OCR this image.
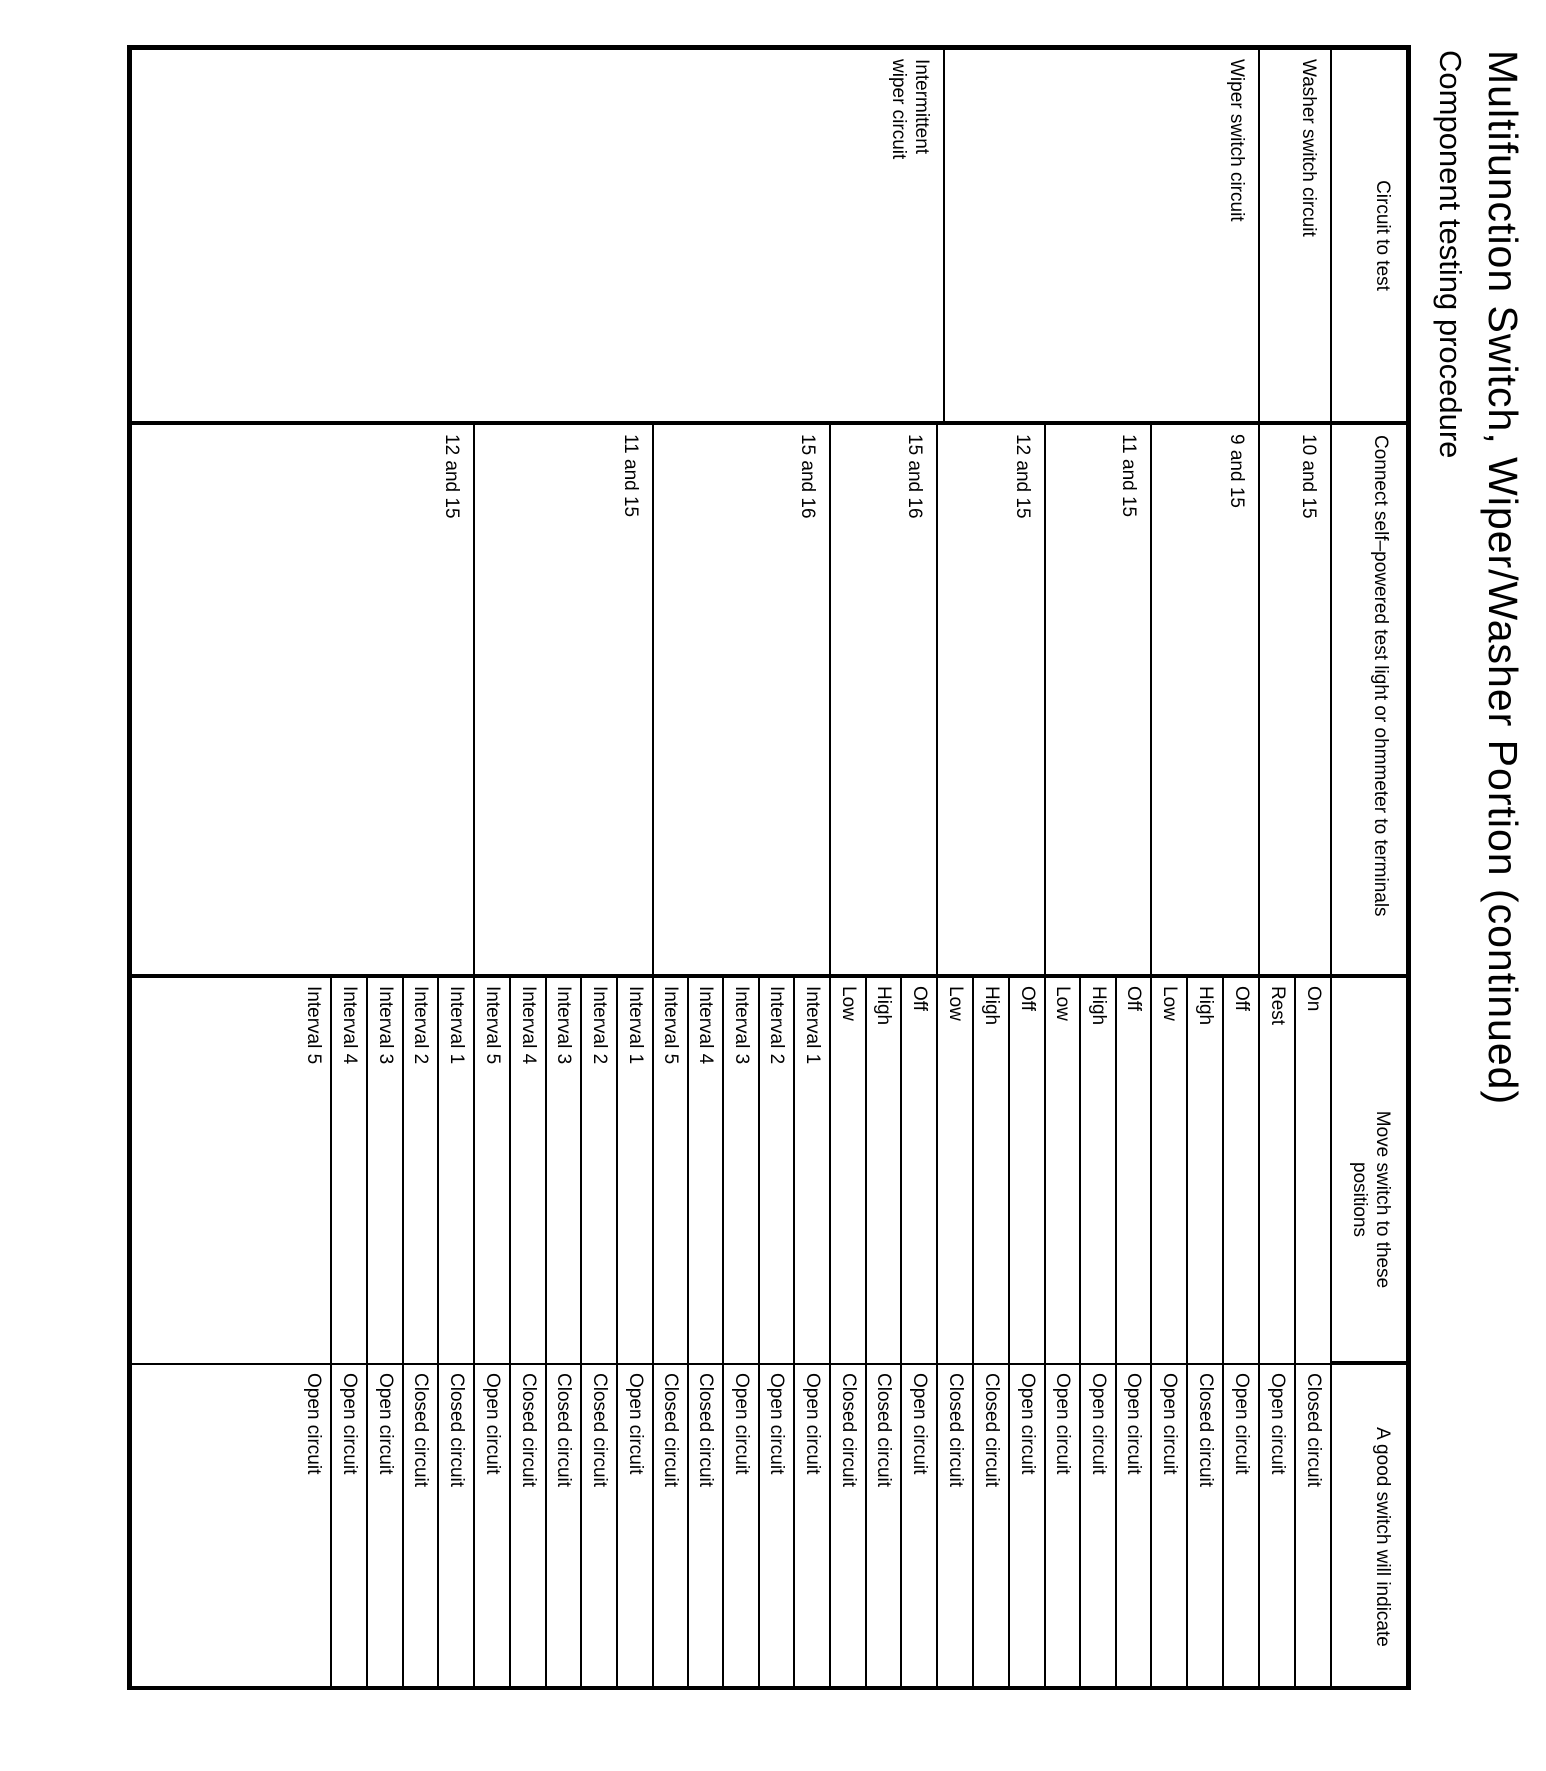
Multifunction Switch, Wiper/Washer Portion (continued)
Component testing procedure
Circuit to test
Connect self–powered test light or ohmmeter to terminals
Move switch to these positions
A good switch will indicate
Washer switch circuit
Wiper switch circuit
Intermittent wiper circuit
10 and 15
9 and 15
11 and 15
12 and 15
15 and 16
15 and 16
11 and 15
12 and 15
On
Closed circuit
Rest
Open circuit
Off
Open circuit
High
Closed circuit
Low
Open circuit
Off
Open circuit
High
Open circuit
Low
Open circuit
Off
Open circuit
High
Closed circuit
Low
Closed circuit
Off
Open circuit
High
Closed circuit
Low
Closed circuit
Interval 1
Open circuit
Interval 2
Open circuit
Interval 3
Open circuit
Interval 4
Closed circuit
Interval 5
Closed circuit
Interval 1
Open circuit
Interval 2
Closed circuit
Interval 3
Closed circuit
Interval 4
Closed circuit
Interval 5
Open circuit
Interval 1
Closed circuit
Interval 2
Closed circuit
Interval 3
Open circuit
Interval 4
Open circuit
Interval 5
Open circuit
